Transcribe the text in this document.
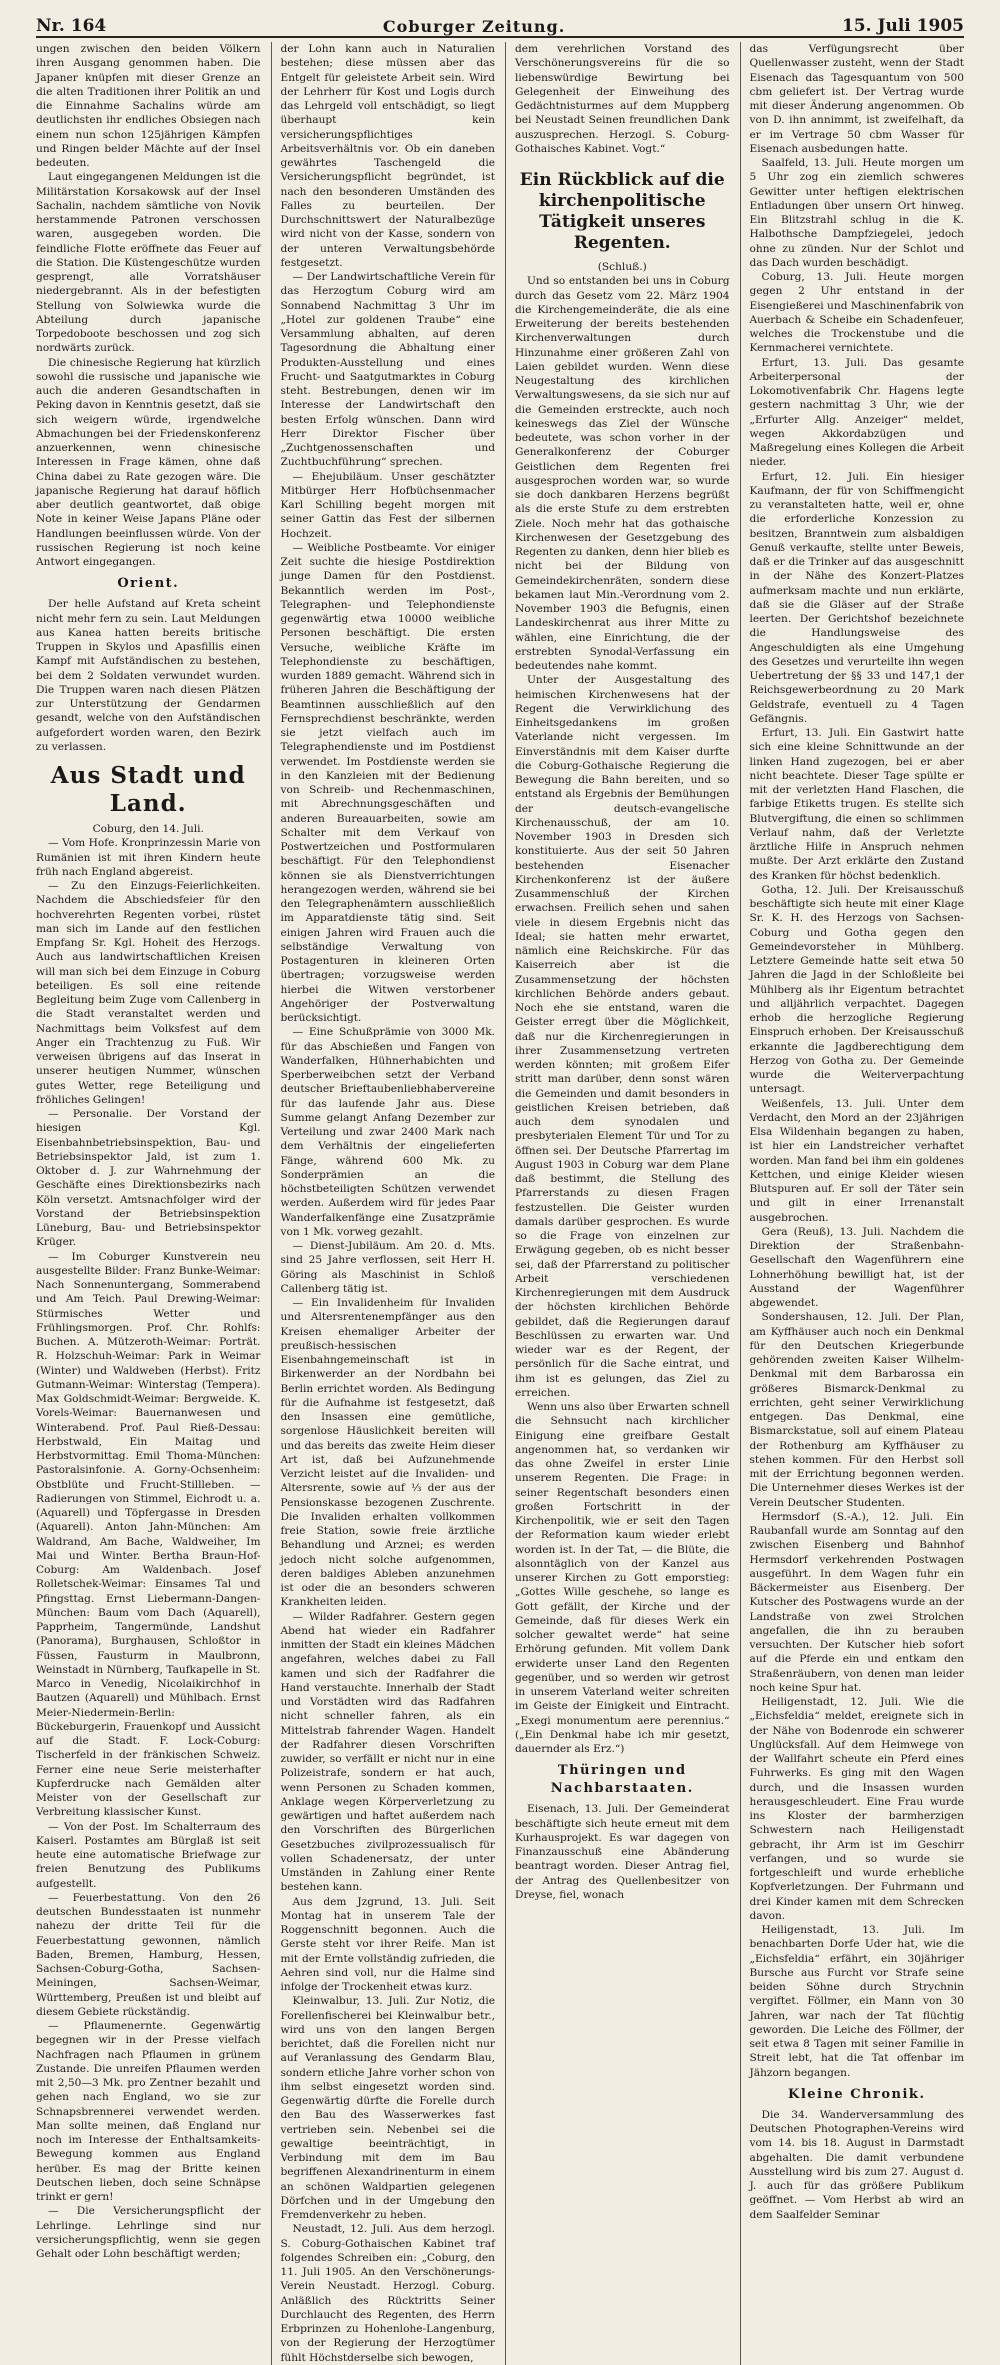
Nr. 164	Coburger Zeitung.	15. Juli 1905

ungen zwischen den beiden Völkern ihren Ausgang genommen haben. Die Japaner knüpfen mit dieser Grenze an die alten Traditionen ihrer Politik an und die Einnahme Sachalins würde am deutlichsten ihr endliches Obsiegen nach einem nun schon 125jährigen Kämpfen und Ringen belder Mächte auf der Insel bedeuten.

Laut eingegangenen Meldungen ist die Militärstation Korsakowsk auf der Insel Sachalin, nachdem sämtliche von Novik herstammende Patronen verschossen waren, ausgegeben worden. Die feindliche Flotte eröffnete das Feuer auf die Station. Die Küstengeschütze wurden gesprengt, alle Vorratshäuser niedergebrannt. Als in der befestigten Stellung von Solwiewka wurde die Abteilung durch japanische Torpedoboote beschossen und zog sich nordwärts zurück.

Die chinesische Regierung hat kürzlich sowohl die russische und japanische wie auch die anderen Gesandtschaften in Peking davon in Kenntnis gesetzt, daß sie sich weigern würde, irgendwelche Abmachungen bei der Friedenskonferenz anzuerkennen, wenn chinesische Interessen in Frage kämen, ohne daß China dabei zu Rate gezogen wäre. Die japanische Regierung hat darauf höflich aber deutlich geantwortet, daß obige Note in keiner Weise Japans Pläne oder Handlungen beeinflussen würde. Von der russischen Regierung ist noch keine Antwort eingegangen.

Orient.

Der helle Aufstand auf Kreta scheint nicht mehr fern zu sein. Laut Meldungen aus Kanea hatten bereits britische Truppen in Skylos und Apasfillis einen Kampf mit Aufständischen zu bestehen, bei dem 2 Soldaten verwundet wurden. Die Truppen waren nach diesen Plätzen zur Unterstützung der Gendarmen gesandt, welche von den Aufständischen aufgefordert worden waren, den Bezirk zu verlassen.

Aus Stadt und Land.

Coburg, den 14. Juli.

— Vom Hofe. Kronprinzessin Marie von Rumänien ist mit ihren Kindern heute früh nach England abgereist.

— Zu den Einzugs-Feierlichkeiten. Nachdem die Abschiedsfeier für den hochverehrten Regenten vorbei, rüstet man sich im Lande auf den festlichen Empfang Sr. Kgl. Hoheit des Herzogs. Auch aus landwirtschaftlichen Kreisen will man sich bei dem Einzuge in Coburg beteiligen. Es soll eine reitende Begleitung beim Zuge vom Callenberg in die Stadt veranstaltet werden und Nachmittags beim Volksfest auf dem Anger ein Trachtenzug zu Fuß. Wir verweisen übrigens auf das Inserat in unserer heutigen Nummer, wünschen gutes Wetter, rege Beteiligung und fröhliches Gelingen!

— Personalie. Der Vorstand der hiesigen Kgl. Eisenbahnbetriebsinspektion, Bau- und Betriebsinspektor Jald, ist zum 1. Oktober d. J. zur Wahrnehmung der Geschäfte eines Direktionsbezirks nach Köln versetzt. Amtsnachfolger wird der Vorstand der Betriebsinspektion Lüneburg, Bau- und Betriebsinspektor Krüger.

— Im Coburger Kunstverein neu ausgestellte Bilder: Franz Bunke-Weimar: Nach Sonnenuntergang, Sommerabend und Am Teich. Paul Drewing-Weimar: Stürmisches Wetter und Frühlingsmorgen. Prof. Chr. Rohlfs: Buchen. A. Mützeroth-Weimar: Porträt. R. Holzschuh-Weimar: Park in Weimar (Winter) und Waldweben (Herbst). Fritz Gutmann-Weimar: Winterstag (Tempera). Max Goldschmidt-Weimar: Bergweide. K. Vorels-Weimar: Bauernanwesen und Winterabend. Prof. Paul Rieß-Dessau: Herbstwald, Ein Maitag und Herbstvormittag. Emil Thoma-München: Pastoralsinfonie. A. Gorny-Ochsenheim: Obstblüte und Frucht-Stillleben. — Radierungen von Stimmel, Eichrodt u. a. (Aquarell) und Töpfergasse in Dresden (Aquarell). Anton Jahn-München: Am Waldrand, Am Bache, Waldweiher, Im Mai und Winter. Bertha Braun-Hof-Coburg: Am Waldenbach. Josef Rolletschek-Weimar: Einsames Tal und Pfingsttag. Ernst Liebermann-Dangen-München: Baum vom Dach (Aquarell), Papprheim, Tangermünde, Landshut (Panorama), Burghausen, Schloßtor in Füssen, Fausturm in Maulbronn, Weinstadt in Nürnberg, Taufkapelle in St. Marco in Venedig, Nicolaikirchhof in Bautzen (Aquarell) und Mühlbach. Ernst Meier-Niedermein-Berlin: Bückeburgerin, Frauenkopf und Aussicht auf die Stadt. F. Lock-Coburg: Tischerfeld in der fränkischen Schweiz. Ferner eine neue Serie meisterhafter Kupferdrucke nach Gemälden alter Meister von der Gesellschaft zur Verbreitung klassischer Kunst.

— Von der Post. Im Schalterraum des Kaiserl. Postamtes am Bürglaß ist seit heute eine automatische Briefwage zur freien Benutzung des Publikums aufgestellt.

— Feuerbestattung. Von den 26 deutschen Bundesstaaten ist nunmehr nahezu der dritte Teil für die Feuerbestattung gewonnen, nämlich Baden, Bremen, Hamburg, Hessen, Sachsen-Coburg-Gotha, Sachsen-Meiningen, Sachsen-Weimar, Württemberg, Preußen ist und bleibt auf diesem Gebiete rückständig.

— Pflaumenernte. Gegenwärtig begegnen wir in der Presse vielfach Nachfragen nach Pflaumen in grünem Zustande. Die unreifen Pflaumen werden mit 2,50—3 Mk. pro Zentner bezahlt und gehen nach England, wo sie zur Schnapsbrennerei verwendet werden. Man sollte meinen, daß England nur noch im Interesse der Enthaltsamkeits-Bewegung kommen aus England herüber. Es mag der Britte keinen Deutschen lieben, doch seine Schnäpse trinkt er gern!

— Die Versicherungspflicht der Lehrlinge. Lehrlinge sind nur versicherungspflichtig, wenn sie gegen Gehalt oder Lohn beschäftigt werden;

der Lohn kann auch in Naturalien bestehen; diese müssen aber das Entgelt für geleistete Arbeit sein. Wird der Lehrherr für Kost und Logis durch das Lehrgeld voll entschädigt, so liegt überhaupt kein versicherungspflichtiges Arbeitsverhältnis vor. Ob ein daneben gewährtes Taschengeld die Versicherungspflicht begründet, ist nach den besonderen Umständen des Falles zu beurteilen. Der Durchschnittswert der Naturalbezüge wird nicht von der Kasse, sondern von der unteren Verwaltungsbehörde festgesetzt.

— Der Landwirtschaftliche Verein für das Herzogtum Coburg wird am Sonnabend Nachmittag 3 Uhr im „Hotel zur goldenen Traube“ eine Versammlung abhalten, auf deren Tagesordnung die Abhaltung einer Produkten-Ausstellung und eines Frucht- und Saatgutmarktes in Coburg steht. Bestrebungen, denen wir im Interesse der Landwirtschaft den besten Erfolg wünschen. Dann wird Herr Direktor Fischer über „Zuchtgenossenschaften und Zuchtbuchführung“ sprechen.

— Ehejubiläum. Unser geschätzter Mitbürger Herr Hofbüchsenmacher Karl Schilling begeht morgen mit seiner Gattin das Fest der silbernen Hochzeit.

— Weibliche Postbeamte. Vor einiger Zeit suchte die hiesige Postdirektion junge Damen für den Postdienst. Bekanntlich werden im Post-, Telegraphen- und Telephondienste gegenwärtig etwa 10000 weibliche Personen beschäftigt. Die ersten Versuche, weibliche Kräfte im Telephondienste zu beschäftigen, wurden 1889 gemacht. Während sich in früheren Jahren die Beschäftigung der Beamtinnen ausschließlich auf den Fernsprechdienst beschränkte, werden sie jetzt vielfach auch im Telegraphendienste und im Postdienst verwendet. Im Postdienste werden sie in den Kanzleien mit der Bedienung von Schreib- und Rechenmaschinen, mit Abrechnungsgeschäften und anderen Bureauarbeiten, sowie am Schalter mit dem Verkauf von Postwertzeichen und Postformularen beschäftigt. Für den Telephondienst können sie als Dienstverrichtungen herangezogen werden, während sie bei den Telegraphenämtern ausschließlich im Apparatdienste tätig sind. Seit einigen Jahren wird Frauen auch die selbständige Verwaltung von Postagenturen in kleineren Orten übertragen; vorzugsweise werden hierbei die Witwen verstorbener Angehöriger der Postverwaltung berücksichtigt.

— Eine Schußprämie von 3000 Mk. für das Abschießen und Fangen von Wanderfalken, Hühnerhabichten und Sperberweibchen setzt der Verband deutscher Brieftaubenliebhabervereine für das laufende Jahr aus. Diese Summe gelangt Anfang Dezember zur Verteilung und zwar 2400 Mark nach dem Verhältnis der eingelieferten Fänge, während 600 Mk. zu Sonderprämien an die höchstbeteiligten Schützen verwendet werden. Außerdem wird für jedes Paar Wanderfalkenfänge eine Zusatzprämie von 1 Mk. vorweg gezahlt.

— Dienst-Jubiläum. Am 20. d. Mts. sind 25 Jahre verflossen, seit Herr H. Göring als Maschinist in Schloß Callenberg tätig ist.

— Ein Invalidenheim für Invaliden und Altersrentenempfänger aus den Kreisen ehemaliger Arbeiter der preußisch-hessischen Eisenbahngemeinschaft ist in Birkenwerder an der Nordbahn bei Berlin errichtet worden. Als Bedingung für die Aufnahme ist festgesetzt, daß den Insassen eine gemütliche, sorgenlose Häuslichkeit bereiten will und das bereits das zweite Heim dieser Art ist, daß bei Aufzunehmende Verzicht leistet auf die Invaliden- und Altersrente, sowie auf ⅓ der aus der Pensionskasse bezogenen Zuschrente. Die Invaliden erhalten vollkommen freie Station, sowie freie ärztliche Behandlung und Arznei; es werden jedoch nicht solche aufgenommen, deren baldiges Ableben anzunehmen ist oder die an besonders schweren Krankheiten leiden.

— Wilder Radfahrer. Gestern gegen Abend hat wieder ein Radfahrer inmitten der Stadt ein kleines Mädchen angefahren, welches dabei zu Fall kamen und sich der Radfahrer die Hand verstauchte. Innerhalb der Stadt und Vorstädten wird das Radfahren nicht schneller fahren, als ein Mittelstrab fahrender Wagen. Handelt der Radfahrer diesen Vorschriften zuwider, so verfällt er nicht nur in eine Polizeistrafe, sondern er hat auch, wenn Personen zu Schaden kommen, Anklage wegen Körperverletzung zu gewärtigen und haftet außerdem nach den Vorschriften des Bürgerlichen Gesetzbuches zivilprozessualisch für vollen Schadenersatz, der unter Umständen in Zahlung einer Rente bestehen kann.

Aus dem Jzgrund, 13. Juli. Seit Montag hat in unserem Tale der Roggenschnitt begonnen. Auch die Gerste steht vor ihrer Reife. Man ist mit der Ernte vollständig zufrieden, die Aehren sind voll, nur die Halme sind infolge der Trockenheit etwas kurz.

Kleinwalbur, 13. Juli. Zur Notiz, die Forellenfischerei bei Kleinwalbur betr., wird uns von den langen Bergen berichtet, daß die Forellen nicht nur auf Veranlassung des Gendarm Blau, sondern etliche Jahre vorher schon von ihm selbst eingesetzt worden sind. Gegenwärtig dürfte die Forelle durch den Bau des Wasserwerkes fast vertrieben sein. Nebenbei sei die gewaltige beeinträchtigt, in Verbindung mit dem im Bau begriffenen Alexandrinenturm in einem an schönen Waldpartien gelegenen Dörfchen und in der Umgebung den Fremdenverkehr zu heben.

Neustadt, 12. Juli. Aus dem herzogl. S. Coburg-Gothaischen Kabinet traf folgendes Schreiben ein: „Coburg, den 11. Juli 1905. An den Verschönerungs-Verein Neustadt. Herzogl. Coburg. Anläßlich des Rücktritts Seiner Durchlaucht des Regenten, des Herrn Erbprinzen zu Hohenlohe-Langenburg, von der Regierung der Herzogtümer fühlt Höchstderselbe sich bewogen,

dem verehrlichen Vorstand des Verschönerungsvereins für die so liebenswürdige Bewirtung bei Gelegenheit der Einweihung des Gedächtnisturmes auf dem Muppberg bei Neustadt Seinen freundlichen Dank auszusprechen. Herzogl. S. Coburg-Gothaisches Kabinet. Vogt.“

Ein Rückblick auf die kirchenpolitische Tätigkeit unseres Regenten.

(Schluß.)

Und so entstanden bei uns in Coburg durch das Gesetz vom 22. März 1904 die Kirchengemeinderäte, die als eine Erweiterung der bereits bestehenden Kirchenverwaltungen durch Hinzunahme einer größeren Zahl von Laien gebildet wurden. Wenn diese Neugestaltung des kirchlichen Verwaltungswesens, da sie sich nur auf die Gemeinden erstreckte, auch noch keineswegs das Ziel der Wünsche bedeutete, was schon vorher in der Generalkonferenz der Coburger Geistlichen dem Regenten frei ausgesprochen worden war, so wurde sie doch dankbaren Herzens begrüßt als die erste Stufe zu dem erstrebten Ziele. Noch mehr hat das gothaische Kirchenwesen der Gesetzgebung des Regenten zu danken, denn hier blieb es nicht bei der Bildung von Gemeindekirchenräten, sondern diese bekamen laut Min.-Verordnung vom 2. November 1903 die Befugnis, einen Landeskirchenrat aus ihrer Mitte zu wählen, eine Einrichtung, die der erstrebten Synodal-Verfassung ein bedeutendes nahe kommt.

Unter der Ausgestaltung des heimischen Kirchenwesens hat der Regent die Verwirklichung des Einheitsgedankens im großen Vaterlande nicht vergessen. Im Einverständnis mit dem Kaiser durfte die Coburg-Gothaische Regierung die Bewegung die Bahn bereiten, und so entstand als Ergebnis der Bemühungen der deutsch-evangelische Kirchenausschuß, der am 10. November 1903 in Dresden sich konstituierte. Aus der seit 50 Jahren bestehenden Eisenacher Kirchenkonferenz ist der äußere Zusammenschluß der Kirchen erwachsen. Freilich sehen und sahen viele in diesem Ergebnis nicht das Ideal; sie hatten mehr erwartet, nämlich eine Reichskirche. Für das Kaiserreich aber ist die Zusammensetzung der höchsten kirchlichen Behörde anders gebaut. Noch ehe sie entstand, waren die Geister erregt über die Möglichkeit, daß nur die Kirchenregierungen in ihrer Zusammensetzung vertreten werden könnten; mit großem Eifer stritt man darüber, denn sonst wären die Gemeinden und damit besonders in geistlichen Kreisen betrieben, daß auch dem synodalen und presbyterialen Element Tür und Tor zu öffnen sei. Der Deutsche Pfarrertag im August 1903 in Coburg war dem Plane daß bestimmt, die Stellung des Pfarrerstands zu diesen Fragen festzustellen. Die Geister wurden damals darüber gesprochen. Es wurde so die Frage von einzelnen zur Erwägung gegeben, ob es nicht besser sei, daß der Pfarrerstand zu politischer Arbeit verschiedenen Kirchenregierungen mit dem Ausdruck der höchsten kirchlichen Behörde gebildet, daß die Regierungen darauf Beschlüssen zu erwarten war. Und wieder war es der Regent, der persönlich für die Sache eintrat, und ihm ist es gelungen, das Ziel zu erreichen.

Wenn uns also über Erwarten schnell die Sehnsucht nach kirchlicher Einigung eine greifbare Gestalt angenommen hat, so verdanken wir das ohne Zweifel in erster Linie unserem Regenten. Die Frage: in seiner Regentschaft besonders einen großen Fortschritt in der Kirchenpolitik, wie er seit den Tagen der Reformation kaum wieder erlebt worden ist. In der Tat, — die Blüte, die alsonntäglich von der Kanzel aus unserer Kirchen zu Gott emporstieg: „Gottes Wille geschehe, so lange es Gott gefällt, der Kirche und der Gemeinde, daß für dieses Werk ein solcher gewaltet werde“ hat seine Erhörung gefunden. Mit vollem Dank erwiderte unser Land den Regenten gegenüber, und so werden wir getrost in unserem Vaterland weiter schreiten im Geiste der Einigkeit und Eintracht. „Exegi monumentum aere perennius.“ („Ein Denkmal habe ich mir gesetzt, dauernder als Erz.“)

Thüringen und Nachbarstaaten.

Eisenach, 13. Juli. Der Gemeinderat beschäftigte sich heute erneut mit dem Kurhausprojekt. Es war dagegen von Finanzausschuß eine Abänderung beantragt worden. Dieser Antrag fiel, der Antrag des Quellenbesitzer von Dreyse, fiel, wonach

das Verfügungsrecht über Quellenwasser zusteht, wenn der Stadt Eisenach das Tagesquantum von 500 cbm geliefert ist. Der Vertrag wurde mit dieser Änderung angenommen. Ob von D. ihn annimmt, ist zweifelhaft, da er im Vertrage 50 cbm Wasser für Eisenach ausbedungen hatte.

Saalfeld, 13. Juli. Heute morgen um 5 Uhr zog ein ziemlich schweres Gewitter unter heftigen elektrischen Entladungen über unsern Ort hinweg. Ein Blitzstrahl schlug in die K. Halbothsche Dampfziegelei, jedoch ohne zu zünden. Nur der Schlot und das Dach wurden beschädigt.

Coburg, 13. Juli. Heute morgen gegen 2 Uhr entstand in der Eisengießerei und Maschinenfabrik von Auerbach & Scheibe ein Schadenfeuer, welches die Trockenstube und die Kernmacherei vernichtete.

Erfurt, 13. Juli. Das gesamte Arbeiterpersonal der Lokomotivenfabrik Chr. Hagens legte gestern nachmittag 3 Uhr, wie der „Erfurter Allg. Anzeiger“ meldet, wegen Akkordabzügen und Maßregelung eines Kollegen die Arbeit nieder.

Erfurt, 12. Juli. Ein hiesiger Kaufmann, der für von Schiffmengicht zu veranstalteten hatte, weil er, ohne die erforderliche Konzession zu besitzen, Branntwein zum alsbaldigen Genuß verkaufte, stellte unter Beweis, daß er die Trinker auf das ausgeschnitt in der Nähe des Konzert-Platzes aufmerksam machte und nun erklärte, daß sie die Gläser auf der Straße leerten. Der Gerichtshof bezeichnete die Handlungsweise des Angeschuldigten als eine Umgehung des Gesetzes und verurteilte ihn wegen Uebertretung der §§ 33 und 147,1 der Reichsgewerbeordnung zu 20 Mark Geldstrafe, eventuell zu 4 Tagen Gefängnis.

Erfurt, 13. Juli. Ein Gastwirt hatte sich eine kleine Schnittwunde an der linken Hand zugezogen, bei er aber nicht beachtete. Dieser Tage spülte er mit der verletzten Hand Flaschen, die farbige Etiketts trugen. Es stellte sich Blutvergiftung, die einen so schlimmen Verlauf nahm, daß der Verletzte ärztliche Hilfe in Anspruch nehmen mußte. Der Arzt erklärte den Zustand des Kranken für höchst bedenklich.

Gotha, 12. Juli. Der Kreisausschuß beschäftigte sich heute mit einer Klage Sr. K. H. des Herzogs von Sachsen-Coburg und Gotha gegen den Gemeindevorsteher in Mühlberg. Letztere Gemeinde hatte seit etwa 50 Jahren die Jagd in der Schloßleite bei Mühlberg als ihr Eigentum betrachtet und alljährlich verpachtet. Dagegen erhob die herzogliche Regierung Einspruch erhoben. Der Kreisausschuß erkannte die Jagdberechtigung dem Herzog von Gotha zu. Der Gemeinde wurde die Weiterverpachtung untersagt.

Weißenfels, 13. Juli. Unter dem Verdacht, den Mord an der 23jährigen Elsa Wildenhain begangen zu haben, ist hier ein Landstreicher verhaftet worden. Man fand bei ihm ein goldenes Kettchen, und einige Kleider wiesen Blutspuren auf. Er soll der Täter sein und gilt in einer Irrenanstalt ausgebrochen.

Gera (Reuß), 13. Juli. Nachdem die Direktion der Straßenbahn-Gesellschaft den Wagenführern eine Lohnerhöhung bewilligt hat, ist der Ausstand der Wagenführer abgewendet.

Sondershausen, 12. Juli. Der Plan, am Kyffhäuser auch noch ein Denkmal für den Deutschen Kriegerbunde gehörenden zweiten Kaiser Wilhelm-Denkmal mit dem Barbarossa ein größeres Bismarck-Denkmal zu errichten, geht seiner Verwirklichung entgegen. Das Denkmal, eine Bismarckstatue, soll auf einem Plateau der Rothenburg am Kyffhäuser zu stehen kommen. Für den Herbst soll mit der Errichtung begonnen werden. Die Unternehmer dieses Werkes ist der Verein Deutscher Studenten.

Hermsdorf (S.-A.), 12. Juli. Ein Raubanfall wurde am Sonntag auf den zwischen Eisenberg und Bahnhof Hermsdorf verkehrenden Postwagen ausgeführt. In dem Wagen fuhr ein Bäckermeister aus Eisenberg. Der Kutscher des Postwagens wurde an der Landstraße von zwei Strolchen angefallen, die ihn zu berauben versuchten. Der Kutscher hieb sofort auf die Pferde ein und entkam den Straßenräubern, von denen man leider noch keine Spur hat.

Heiligenstadt, 12. Juli. Wie die „Eichsfeldia“ meldet, ereignete sich in der Nähe von Bodenrode ein schwerer Unglücksfall. Auf dem Heimwege von der Wallfahrt scheute ein Pferd eines Fuhrwerks. Es ging mit den Wagen durch, und die Insassen wurden herausgeschleudert. Eine Frau wurde ins Kloster der barmherzigen Schwestern nach Heiligenstadt gebracht, ihr Arm ist im Geschirr verfangen, und so wurde sie fortgeschleift und wurde erhebliche Kopfverletzungen. Der Fuhrmann und drei Kinder kamen mit dem Schrecken davon.

Heiligenstadt, 13. Juli. Im benachbarten Dorfe Uder hat, wie die „Eichsfeldia“ erfährt, ein 30jähriger Bursche aus Furcht vor Strafe seine beiden Söhne durch Strychnin vergiftet. Föllmer, ein Mann von 30 Jahren, war nach der Tat flüchtig geworden. Die Leiche des Föllmer, der seit etwa 8 Tagen mit seiner Familie in Streit lebt, hat die Tat offenbar im Jähzorn begangen.

Kleine Chronik.

Die 34. Wanderversammlung des Deutschen Photographen-Vereins wird vom 14. bis 18. August in Darmstadt abgehalten. Die damit verbundene Ausstellung wird bis zum 27. August d. J. auch für das größere Publikum geöffnet. — Vom Herbst ab wird an dem Saalfelder Seminar
